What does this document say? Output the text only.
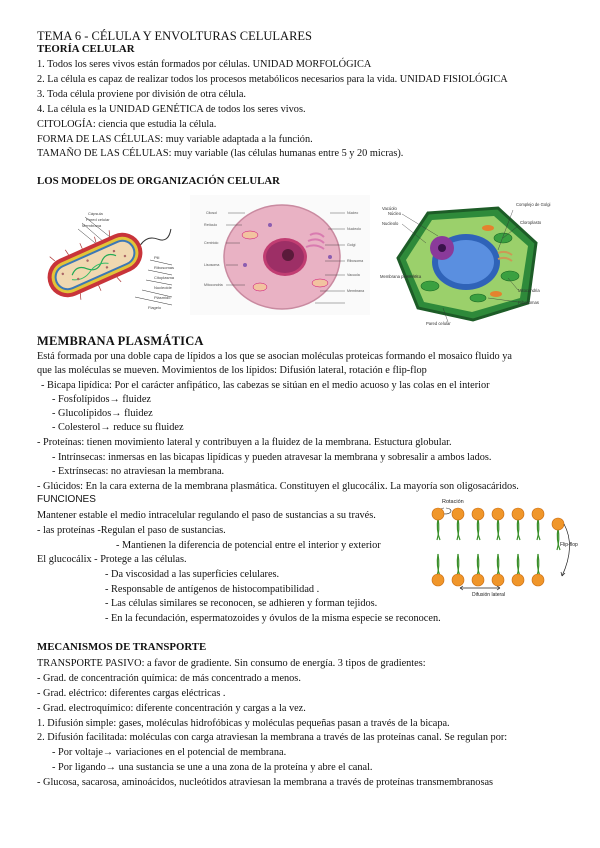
TEMA 6 - CÉLULA Y ENVOLTURAS CELULARES
TEORÍA CELULAR
1. Todos los seres vivos están formados por células. UNIDAD MORFOLÓGICA
2. La célula es capaz de realizar todos los procesos metabólicos necesarios para la vida. UNIDAD FISIOLÓGICA
3. Toda célula proviene por división de otra célula.
4. La célula es la UNIDAD GENÉTICA de todos los seres vivos.
CITOLOGÍA: ciencia que estudia la célula.
FORMA DE LAS CÉLULAS: muy variable adaptada a la función.
TAMAÑO DE LAS CÉLULAS: muy variable (las células humanas entre 5 y 20 micras).
LOS MODELOS DE ORGANIZACIÓN CELULAR
Cápsula
Pared celular
Membrana
Pili
Ribosomas
Citoplasma
Nucleoide
Plásmido
Flagelo
Citosol
Retículo
Centriolo
Lisosoma
Mitocondria
Núcleo
Nucleolo
Golgi
Ribosoma
Vacuola
Membrana
Vacúolo
Núcleo
Nucleolo
Complejo de Golgi
Cloroplasto
Membrana plasmática
Mitocondria
Ribosomas
Pared celular
MEMBRANA PLASMÁTICA
Está formada por una doble capa de lípidos a los que se asocian moléculas proteicas formando el mosaico fluido ya
que las moléculas se mueven. Movimientos de los lípidos: Difusión lateral, rotación e flip-flop
- Bicapa lipídica: Por el carácter anfipático, las cabezas se sitúan en el medio acuoso y las colas en el interior
- Fosfolípidos→ fluidez
- Glucolípidos→ fluidez
- Colesterol→ reduce su fluidez
- Proteínas: tienen movimiento lateral y contribuyen a la fluidez de la membrana. Estuctura globular.
- Intrínsecas: inmersas en las bicapas lipídicas y pueden atravesar la membrana y sobresalir a ambos lados.
- Extrínsecas: no atraviesan la membrana.
- Glúcidos: En la cara externa de la membrana plasmática. Constituyen el glucocálix. La mayoría son oligosacáridos.
FUNCIONES
Mantener estable el medio intracelular regulando el paso de sustancias a su través.
- las proteínas -Regulan el paso de sustancias.
- Mantienen la diferencia de potencial entre el interior y exterior
El glucocálix - Protege a las células.
- Da viscosidad a las superficies celulares.
- Responsable de antígenos de histocompatibilidad .
- Las células similares se reconocen, se adhieren y forman tejidos.
- En la fecundación, espermatozoides y óvulos de la misma especie se reconocen.
Rotación
Flip-flop
Difusión lateral
MECANISMOS DE TRANSPORTE
TRANSPORTE PASIVO: a favor de gradiente. Sin consumo de energía. 3 tipos de gradientes:
- Grad. de concentración química: de más concentrado a menos.
- Grad. eléctrico: diferentes cargas eléctricas .
- Grad. electroquímico: diferente concentración y cargas a la vez.
1. Difusión simple: gases, moléculas hidrofóbicas y moléculas pequeñas pasan a través de la bicapa.
2. Difusión facilitada: moléculas con carga atraviesan la membrana a través de las proteínas canal. Se regulan por:
- Por voltaje→ variaciones en el potencial de membrana.
- Por ligando→ una sustancia se une a una zona de la proteína y abre el canal.
- Glucosa, sacarosa, aminoácidos, nucleótidos atraviesan la membrana a través de proteínas transmembranosas
